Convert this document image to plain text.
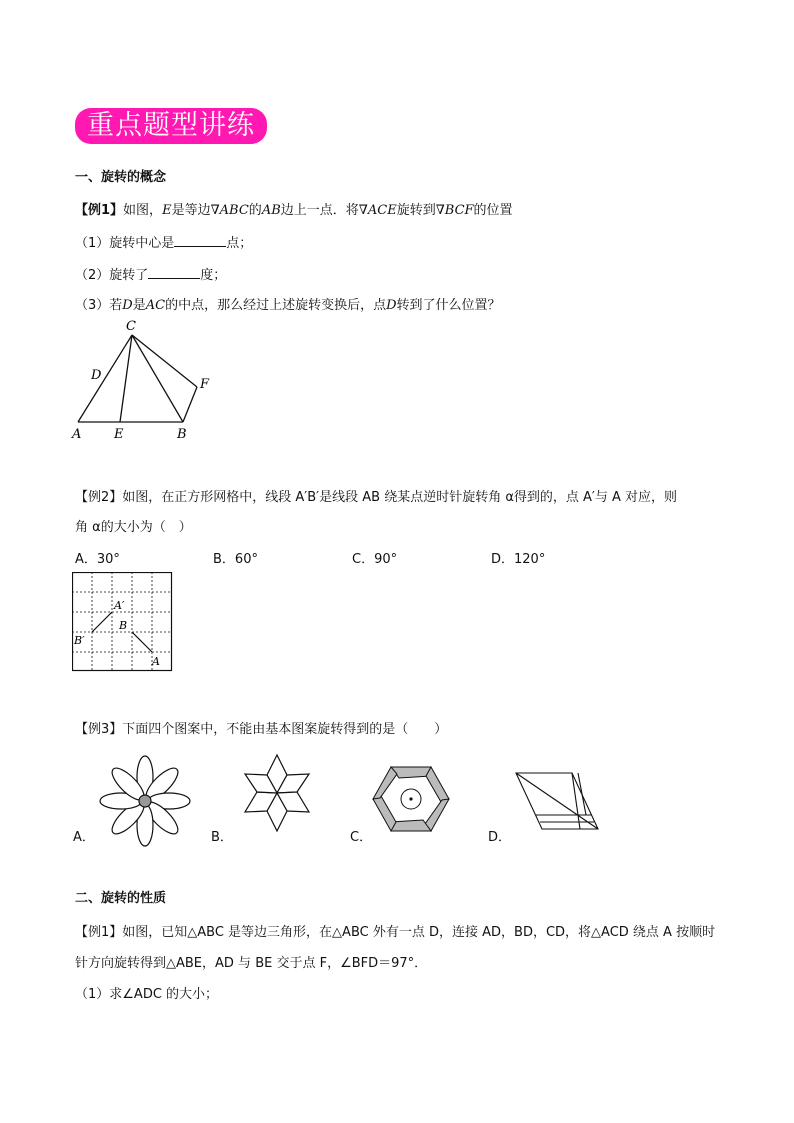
重点题型讲练
一、旋转的概念
【例1】如图，E是等边∇ABC的AB边上一点．将∇ACE旋转到∇BCF的位置
（1）旋转中心是	点；
（2）旋转了	度；
（3）若D是AC的中点，那么经过上述旋转变换后，点D转到了什么位置？
C
D
F
A	E	B
【例2】如图，在正方形网格中，线段 A′B′是线段 AB 绕某点逆时针旋转角 α得到的，点 A′与 A 对应，则
角 α的大小为（　）
A．30°	B．60°	C．90°	D．120°
A′
B
B′
A
【例3】下面四个图案中，不能由基本图案旋转得到的是（　　）
A．	B．	C．	D．
二、旋转的性质
【例1】如图，已知△ABC 是等边三角形，在△ABC 外有一点 D，连接 AD，BD，CD，将△ACD 绕点 A 按顺时
针方向旋转得到△ABE，AD 与 BE 交于点 F，∠BFD＝97°．
（1）求∠ADC 的大小；
